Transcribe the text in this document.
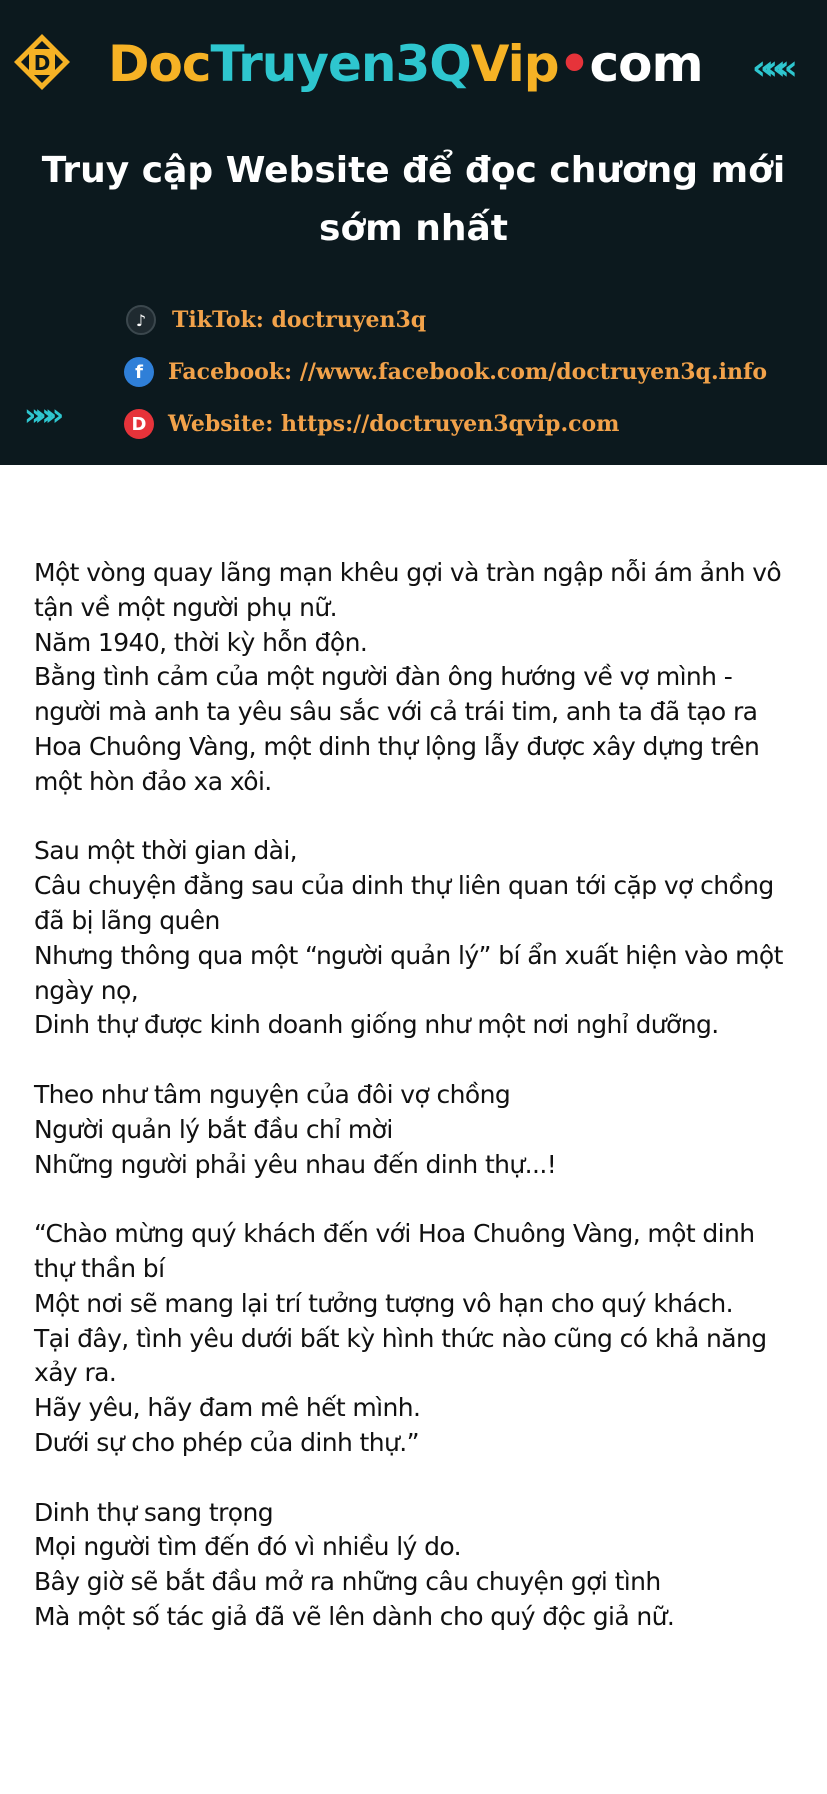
D DocTruyen3QVip•com «««
Truy cập Website để đọc chương mới
sớm nhất
♪	TikTok: doctruyen3q
f	Facebook: //www.facebook.com/doctruyen3q.info
D Website: https://doctruyen3qvip.com
»»»
Một vòng quay lãng mạn khêu gợi và tràn ngập nỗi ám ảnh vô
tận về một người phụ nữ.
Năm 1940, thời kỳ hỗn độn.
Bằng tình cảm của một người đàn ông hướng về vợ mình -
người mà anh ta yêu sâu sắc với cả trái tim, anh ta đã tạo ra
Hoa Chuông Vàng, một dinh thự lộng lẫy được xây dựng trên
một hòn đảo xa xôi.
Sau một thời gian dài,
Câu chuyện đằng sau của dinh thự liên quan tới cặp vợ chồng
đã bị lãng quên
Nhưng thông qua một “người quản lý” bí ẩn xuất hiện vào một
ngày nọ,
Dinh thự được kinh doanh giống như một nơi nghỉ dưỡng.
Theo như tâm nguyện của đôi vợ chồng
Người quản lý bắt đầu chỉ mời
Những người phải yêu nhau đến dinh thự...!
“Chào mừng quý khách đến với Hoa Chuông Vàng, một dinh
thự thần bí
Một nơi sẽ mang lại trí tưởng tượng vô hạn cho quý khách.
Tại đây, tình yêu dưới bất kỳ hình thức nào cũng có khả năng
xảy ra.
Hãy yêu, hãy đam mê hết mình.
Dưới sự cho phép của dinh thự.”
Dinh thự sang trọng
Mọi người tìm đến đó vì nhiều lý do.
Bây giờ sẽ bắt đầu mở ra những câu chuyện gợi tình
Mà một số tác giả đã vẽ lên dành cho quý độc giả nữ.
